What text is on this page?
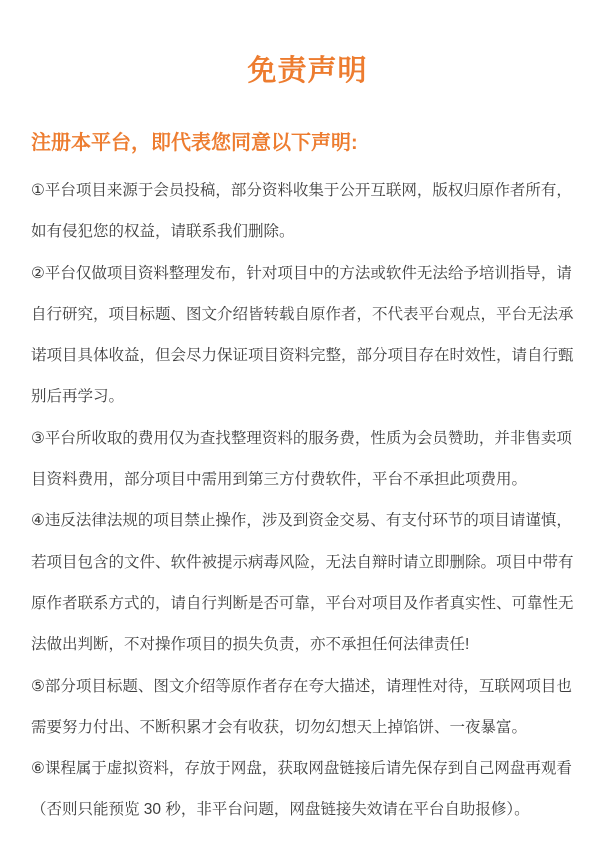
免责声明
注册本平台，即代表您同意以下声明:
①平台项目来源于会员投稿，部分资料收集于公开互联网，版权归原作者所有，
如有侵犯您的权益，请联系我们删除。
②平台仅做项目资料整理发布，针对项目中的方法或软件无法给予培训指导，请
自行研究，项目标题、图文介绍皆转载自原作者，不代表平台观点，平台无法承
诺项目具体收益，但会尽力保证项目资料完整，部分项目存在时效性，请自行甄
别后再学习。
③平台所收取的费用仅为查找整理资料的服务费，性质为会员赞助，并非售卖项
目资料费用，部分项目中需用到第三方付费软件，平台不承担此项费用。
④违反法律法规的项目禁止操作，涉及到资金交易、有支付环节的项目请谨慎，
若项目包含的文件、软件被提示病毒风险，无法自辩时请立即删除。项目中带有
原作者联系方式的，请自行判断是否可靠，平台对项目及作者真实性、可靠性无
法做出判断，不对操作项目的损失负责，亦不承担任何法律责任!
⑤部分项目标题、图文介绍等原作者存在夸大描述，请理性对待，互联网项目也
需要努力付出、不断积累才会有收获，切勿幻想天上掉馅饼、一夜暴富。
⑥课程属于虚拟资料，存放于网盘，获取网盘链接后请先保存到自己网盘再观看
（否则只能预览 30 秒，非平台问题，网盘链接失效请在平台自助报修）。
